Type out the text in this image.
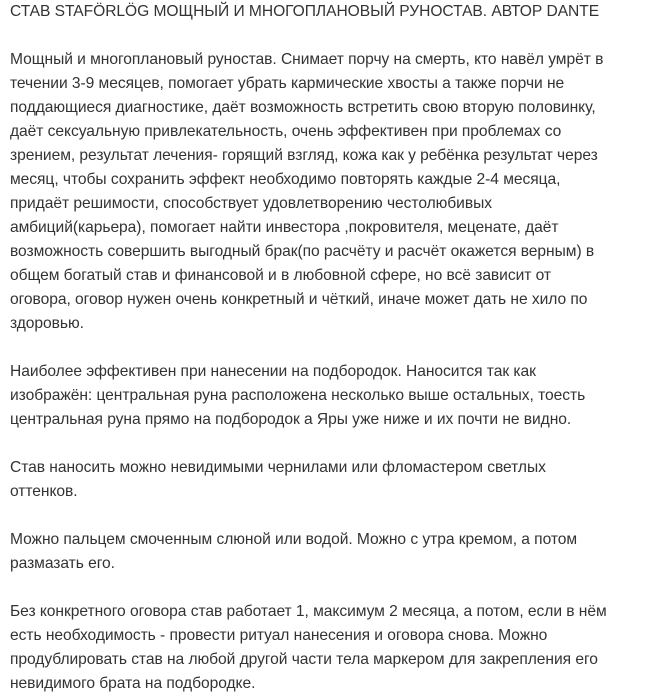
СТАВ STAFÖRLÖG МОЩНЫЙ И МНОГОПЛАНОВЫЙ РУНОСТАВ. АВТОР DANTE

Мощный и многоплановый руностав. Снимает порчу на смерть, кто навёл умрёт в
течении 3-9 месяцев, помогает убрать кармические хвосты а также порчи не
поддающиеся диагностике, даёт возможность встретить свою вторую половинку,
даёт сексуальную привлекательность, очень эффективен при проблемах со
зрением, результат лечения- горящий взгляд, кожа как у ребёнка результат через
месяц, чтобы сохранить эффект необходимо повторять каждые 2-4 месяца,
придаёт решимости, способствует удовлетворению честолюбивых
амбиций(карьера), помогает найти инвестора ,покровителя, меценате, даёт
возможность совершить выгодный брак(по расчёту и расчёт окажется верным) в
общем богатый став и финансовой и в любовной сфере, но всё зависит от
оговора, оговор нужен очень конкретный и чёткий, иначе может дать не хило по
здоровью.

Наиболее эффективен при нанесении на подбородок. Наносится так как
изображён: центральная руна расположена несколько выше остальных, тоесть
центральная руна прямо на подбородок а Яры уже ниже и их почти не видно.

Став наносить можно невидимыми чернилами или фломастером светлых
оттенков.

Можно пальцем смоченным слюной или водой. Можно с утра кремом, а потом
размазать его.

Без конкретного оговора став работает 1, максимум 2 месяца, а потом, если в нём
есть необходимость - провести ритуал нанесения и оговора снова. Можно
продублировать став на любой другой части тела маркером для закрепления его
невидимого брата на подбородке.
